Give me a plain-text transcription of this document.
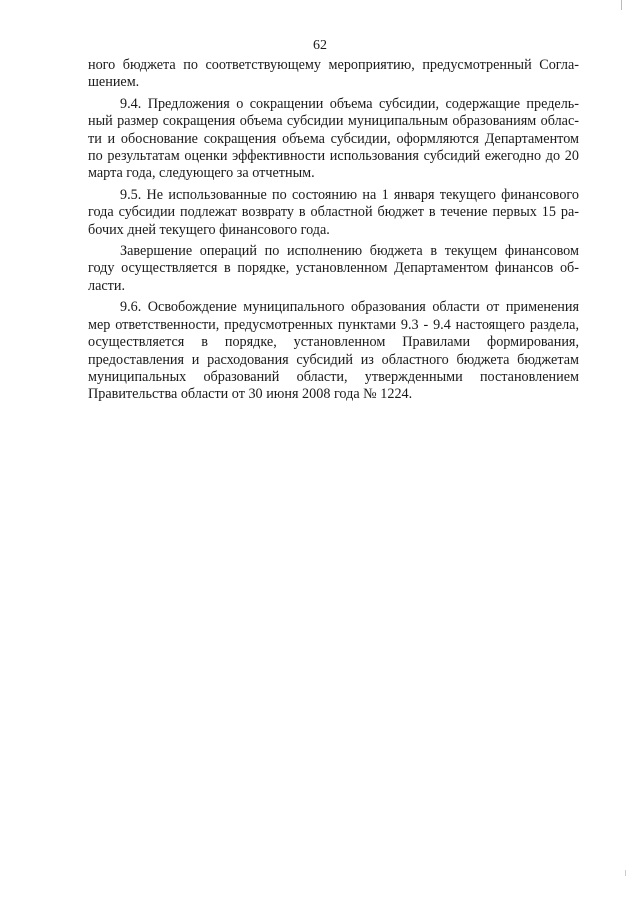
62

ного бюджета по соответствующему мероприятию, предусмотренный Согла-
шением.

9.4. Предложения о сокращении объема субсидии, содержащие предель-
ный размер сокращения объема субсидии муниципальным образованиям облас-
ти и обоснование сокращения объема субсидии, оформляются Департаментом
по результатам оценки эффективности использования субсидий ежегодно до 20
марта года, следующего за отчетным.

9.5. Не использованные по состоянию на 1 января текущего финансового
года субсидии подлежат возврату в областной бюджет в течение первых 15 ра-
бочих дней текущего финансового года.

Завершение операций по исполнению бюджета в текущем финансовом
году осуществляется в порядке, установленном Департаментом финансов об-
ласти.

9.6. Освобождение муниципального образования области от применения
мер ответственности, предусмотренных пунктами 9.3 - 9.4 настоящего раздела,
осуществляется в порядке, установленном Правилами формирования,
предоставления и расходования субсидий из областного бюджета бюджетам
муниципальных образований области, утвержденными постановлением
Правительства области от 30 июня 2008 года № 1224.
